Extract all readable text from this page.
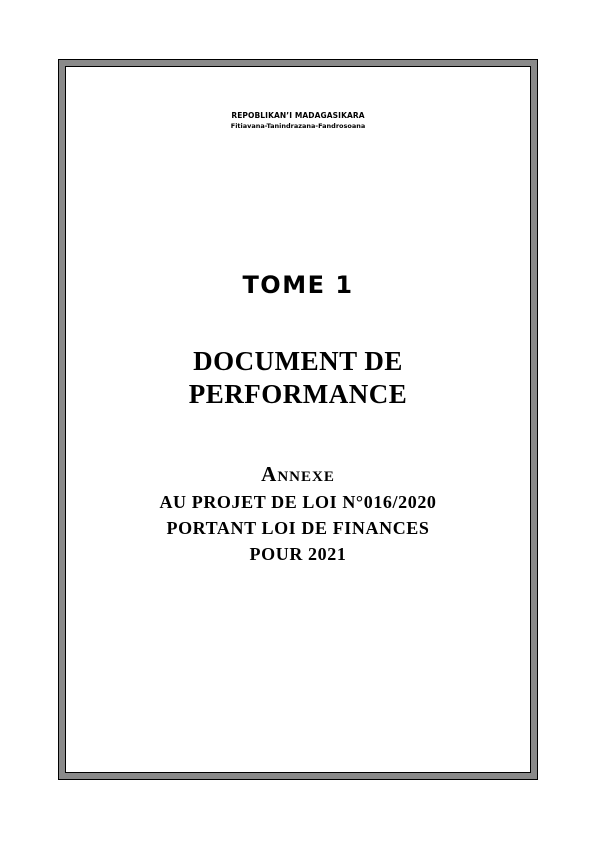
REPOBLIKAN’I MADAGASIKARA
Fitiavana-Tanindrazana-Fandrosoana
TOME 1
DOCUMENT DE
PERFORMANCE
Annexe
AU PROJET DE LOI N°016/2020
PORTANT LOI DE FINANCES
POUR 2021
